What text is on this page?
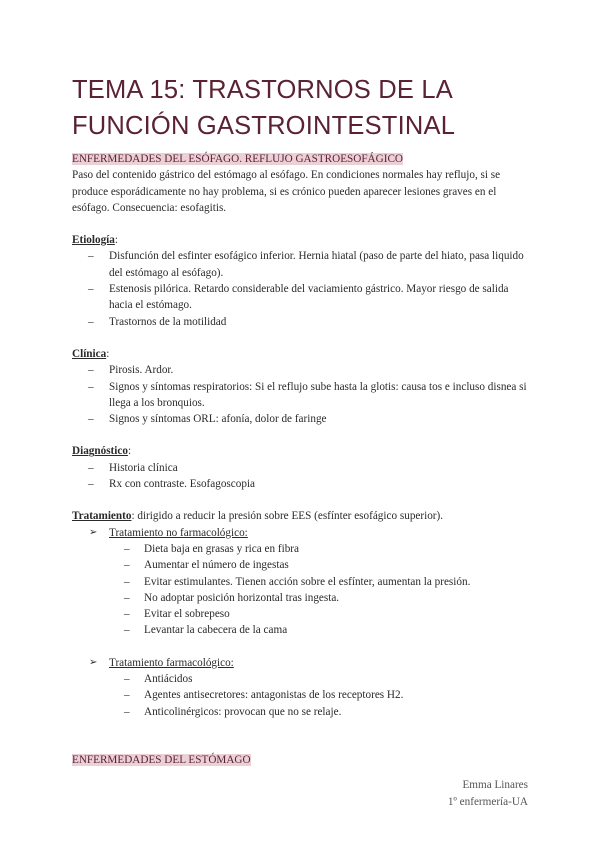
TEMA 15: TRASTORNOS DE LA
FUNCIÓN GASTROINTESTINAL

ENFERMEDADES DEL ESÓFAGO. REFLUJO GASTROESOFÁGICO

Paso del contenido gástrico del estómago al esófago. En condiciones normales hay reflujo, si se produce esporádicamente no hay problema, si es crónico pueden aparecer lesiones graves en el esófago. Consecuencia: esofagitis.

Etiología:

– Disfunción del esfinter esofágico inferior. Hernia hiatal (paso de parte del hiato, pasa liquido del estómago al esófago).
– Estenosis pilórica. Retardo considerable del vaciamiento gástrico. Mayor riesgo de salida hacia el estómago.
– Trastornos de la motilidad

Clínica:

– Pirosis. Ardor.
– Signos y síntomas respiratorios: Si el reflujo sube hasta la glotis: causa tos e incluso disnea si llega a los bronquios.
– Signos y síntomas ORL: afonía, dolor de faringe

Diagnóstico:

– Historia clínica
– Rx con contraste. Esofagoscopia

Tratamiento: dirigido a reducir la presión sobre EES (esfínter esofágico superior).

➢ Tratamiento no farmacológico:

– Dieta baja en grasas y rica en fibra
– Aumentar el número de ingestas
– Evitar estimulantes. Tienen acción sobre el esfínter, aumentan la presión.
– No adoptar posición horizontal tras ingesta.
– Evitar el sobrepeso
– Levantar la cabecera de la cama

➢ Tratamiento farmacológico:

– Antiácidos
– Agentes antisecretores: antagonistas de los receptores H2.
– Anticolinérgicos: provocan que no se relaje.

ENFERMEDADES DEL ESTÓMAGO

Emma Linares
1º enfermería-UA
